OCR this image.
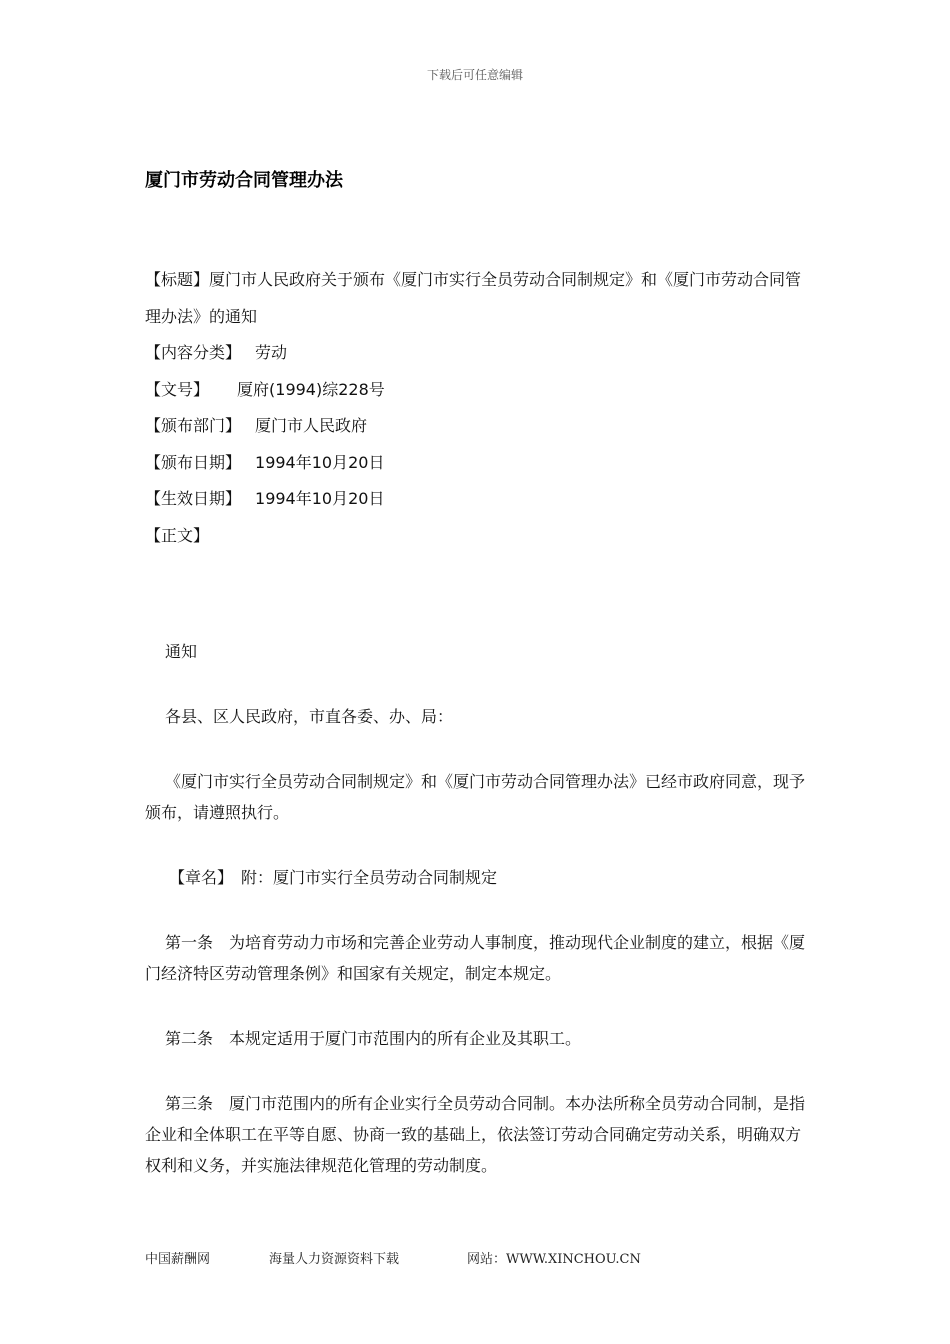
下载后可任意编辑
厦门市劳动合同管理办法
【标题】厦门市人民政府关于颁布《厦门市实行全员劳动合同制规定》和《厦门市劳动合同管理办法》的通知
【内容分类】 劳动
【文号】 厦府(1994)综228号
【颁布部门】 厦门市人民政府
【颁布日期】 1994年10月20日
【生效日期】 1994年10月20日
【正文】

通知

各县、区人民政府，市直各委、办、局：

《厦门市实行全员劳动合同制规定》和《厦门市劳动合同管理办法》已经市政府同意，现予颁布，请遵照执行。

【章名】　附：厦门市实行全员劳动合同制规定

第一条　为培育劳动力市场和完善企业劳动人事制度，推动现代企业制度的建立，根据《厦门经济特区劳动管理条例》和国家有关规定，制定本规定。

第二条　本规定适用于厦门市范围内的所有企业及其职工。

第三条　厦门市范围内的所有企业实行全员劳动合同制。本办法所称全员劳动合同制，是指企业和全体职工在平等自愿、协商一致的基础上，依法签订劳动合同确定劳动关系，明确双方权利和义务，并实施法律规范化管理的劳动制度。

中国薪酬网	海量人力资源资料下载	网站：WWW.XINCHOU.CN
